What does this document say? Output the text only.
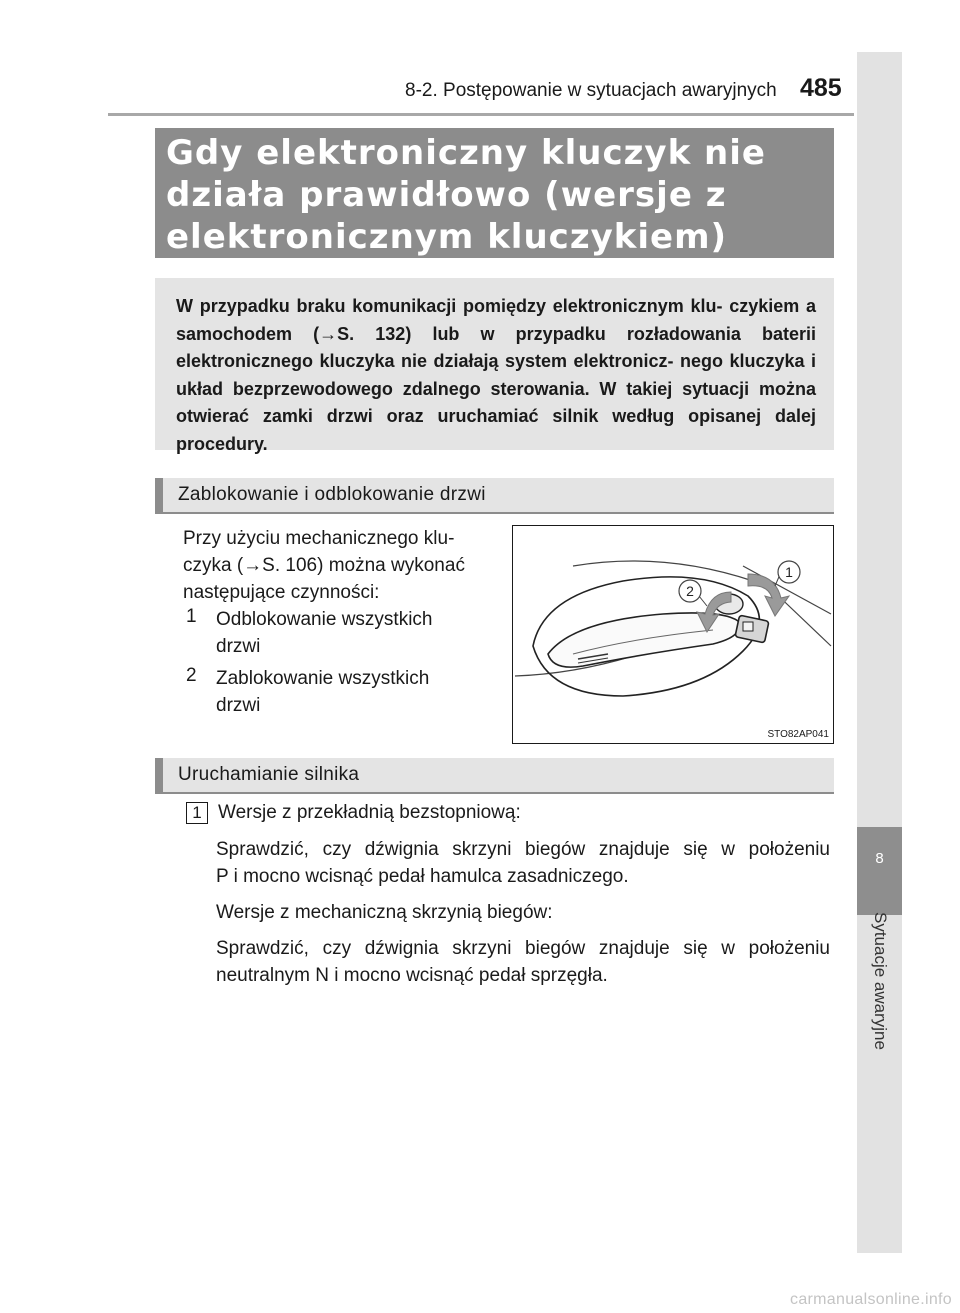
8-2. Postępowanie w sytuacjach awaryjnych 485
8
Sytuacje awaryjne
Gdy elektroniczny kluczyk nie działa prawidłowo (wersje z elektronicznym kluczykiem)
W przypadku braku komunikacji pomiędzy elektronicznym klu- czykiem a samochodem (→S. 132) lub w przypadku rozładowania baterii elektronicznego kluczyka nie działają system elektronicz- nego kluczyka i układ bezprzewodowego zdalnego sterowania. W takiej sytuacji można otwierać zamki drzwi oraz uruchamiać silnik według opisanej dalej procedury.
Zablokowanie i odblokowanie drzwi
Przy użyciu mechanicznego klu-
czyka (→S. 106) można wykonać
następujące czynności:
1 Odblokowanie wszystkich
drzwi
2 Zablokowanie wszystkich
drzwi
1
2
STO82AP041
Uruchamianie silnika
1 Wersje z przekładnią bezstopniową:
Sprawdzić, czy dźwignia skrzyni biegów znajduje się w położeniu
P i mocno wcisnąć pedał hamulca zasadniczego.
Wersje z mechaniczną skrzynią biegów:
Sprawdzić, czy dźwignia skrzyni biegów znajduje się w położeniu
neutralnym N i mocno wcisnąć pedał sprzęgła.
carmanualsonline.info
